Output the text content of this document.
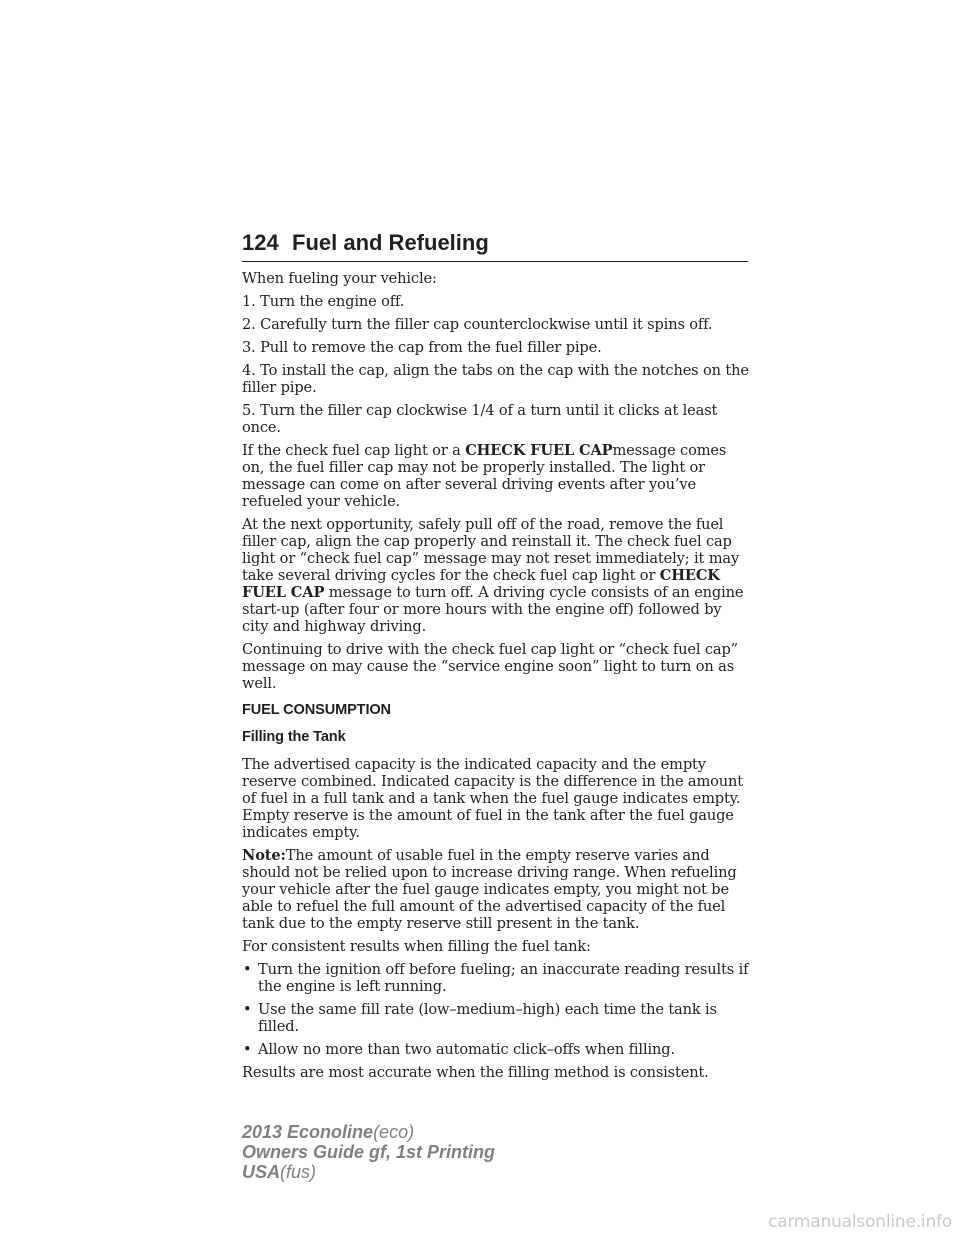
124 Fuel and Refueling

When fueling your vehicle:

1. Turn the engine off.

2. Carefully turn the filler cap counterclockwise until it spins off.

3. Pull to remove the cap from the fuel filler pipe.

4. To install the cap, align the tabs on the cap with the notches on the filler pipe.

5. Turn the filler cap clockwise 1/4 of a turn until it clicks at least once.

If the check fuel cap light or a CHECK FUEL CAPmessage comes on, the fuel filler cap may not be properly installed. The light or message can come on after several driving events after you’ve refueled your vehicle.

At the next opportunity, safely pull off of the road, remove the fuel filler cap, align the cap properly and reinstall it. The check fuel cap light or “check fuel cap” message may not reset immediately; it may take several driving cycles for the check fuel cap light or CHECK FUEL CAP message to turn off. A driving cycle consists of an engine start-up (after four or more hours with the engine off) followed by city and highway driving.

Continuing to drive with the check fuel cap light or “check fuel cap” message on may cause the “service engine soon” light to turn on as well.

FUEL CONSUMPTION
Filling the Tank

The advertised capacity is the indicated capacity and the empty reserve combined. Indicated capacity is the difference in the amount of fuel in a full tank and a tank when the fuel gauge indicates empty. Empty reserve is the amount of fuel in the tank after the fuel gauge indicates empty.

Note:The amount of usable fuel in the empty reserve varies and should not be relied upon to increase driving range. When refueling your vehicle after the fuel gauge indicates empty, you might not be able to refuel the full amount of the advertised capacity of the fuel tank due to the empty reserve still present in the tank.

For consistent results when filling the fuel tank:

• Turn the ignition off before fueling; an inaccurate reading results if the engine is left running.
• Use the same fill rate (low–medium–high) each time the tank is filled.
• Allow no more than two automatic click–offs when filling.

Results are most accurate when the filling method is consistent.

2013 Econoline(eco)
Owners Guide gf, 1st Printing
USA(fus)
carmanualsonline.info
